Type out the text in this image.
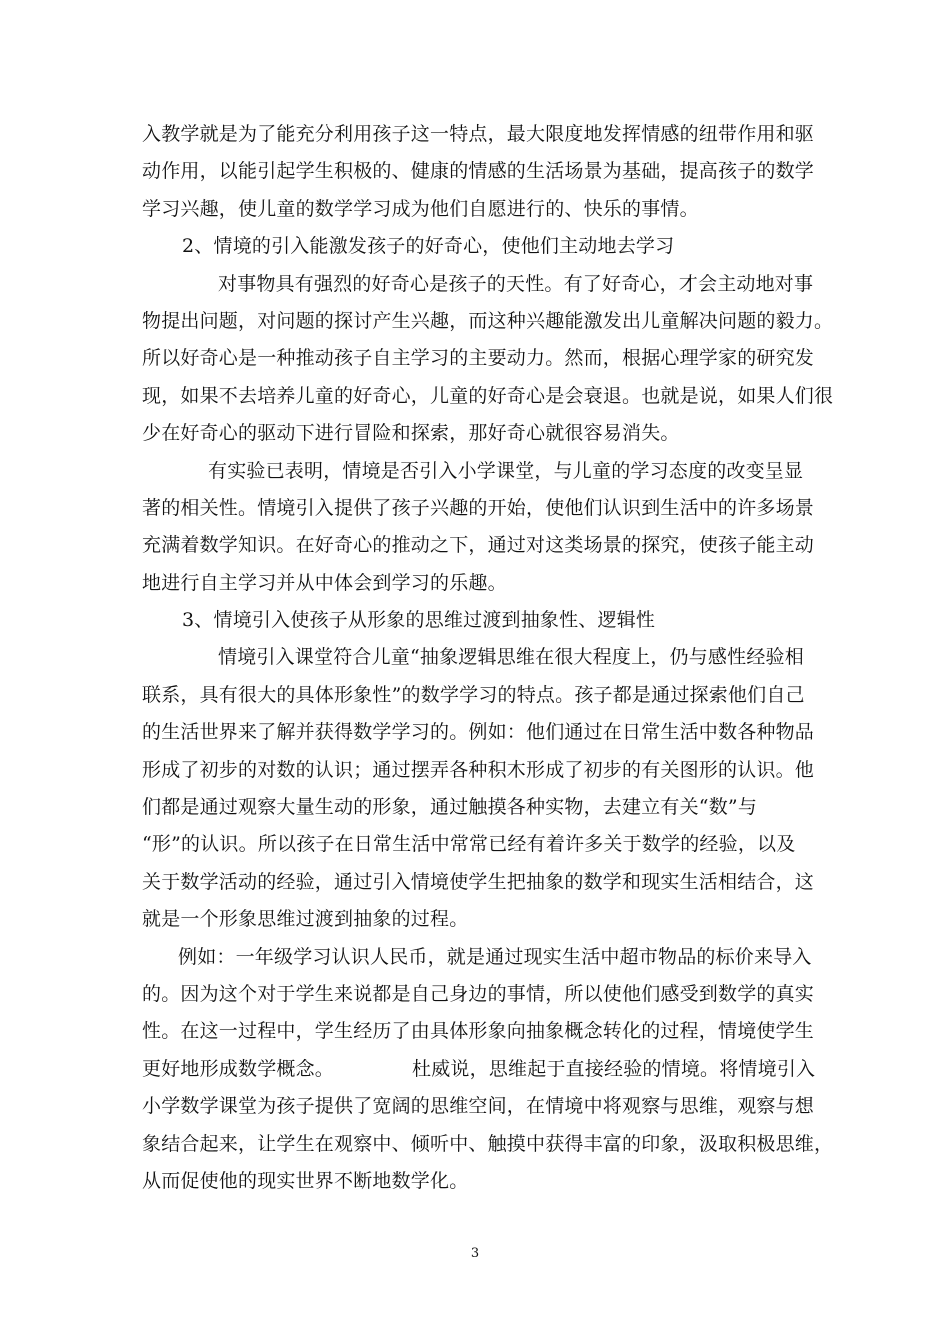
入教学就是为了能充分利用孩子这一特点，最大限度地发挥情感的纽带作用和驱
动作用，以能引起学生积极的、健康的情感的生活场景为基础，提高孩子的数学
学习兴趣，使儿童的数学学习成为他们自愿进行的、快乐的事情。
2、情境的引入能激发孩子的好奇心，使他们主动地去学习
对事物具有强烈的好奇心是孩子的天性。有了好奇心，才会主动地对事
物提出问题，对问题的探讨产生兴趣，而这种兴趣能激发出儿童解决问题的毅力。
所以好奇心是一种推动孩子自主学习的主要动力。然而，根据心理学家的研究发
现，如果不去培养儿童的好奇心，儿童的好奇心是会衰退。也就是说，如果人们很
少在好奇心的驱动下进行冒险和探索，那好奇心就很容易消失。
有实验已表明，情境是否引入小学课堂，与儿童的学习态度的改变呈显
著的相关性。情境引入提供了孩子兴趣的开始，使他们认识到生活中的许多场景
充满着数学知识。在好奇心的推动之下，通过对这类场景的探究，使孩子能主动
地进行自主学习并从中体会到学习的乐趣。
3、情境引入使孩子从形象的思维过渡到抽象性、逻辑性
情境引入课堂符合儿童“抽象逻辑思维在很大程度上，仍与感性经验相
联系，具有很大的具体形象性”的数学学习的特点。孩子都是通过探索他们自己
的生活世界来了解并获得数学学习的。例如：他们通过在日常生活中数各种物品
形成了初步的对数的认识；通过摆弄各种积木形成了初步的有关图形的认识。他
们都是通过观察大量生动的形象，通过触摸各种实物，去建立有关“数”与
“形”的认识。所以孩子在日常生活中常常已经有着许多关于数学的经验，以及
关于数学活动的经验，通过引入情境使学生把抽象的数学和现实生活相结合，这
就是一个形象思维过渡到抽象的过程。
例如：一年级学习认识人民币，就是通过现实生活中超市物品的标价来导入
的。因为这个对于学生来说都是自己身边的事情，所以使他们感受到数学的真实
性。在这一过程中，学生经历了由具体形象向抽象概念转化的过程，情境使学生
更好地形成数学概念。	杜威说，思维起于直接经验的情境。将情境引入
小学数学课堂为孩子提供了宽阔的思维空间，在情境中将观察与思维，观察与想
象结合起来，让学生在观察中、倾听中、触摸中获得丰富的印象，汲取积极思维，
从而促使他的现实世界不断地数学化。
3
